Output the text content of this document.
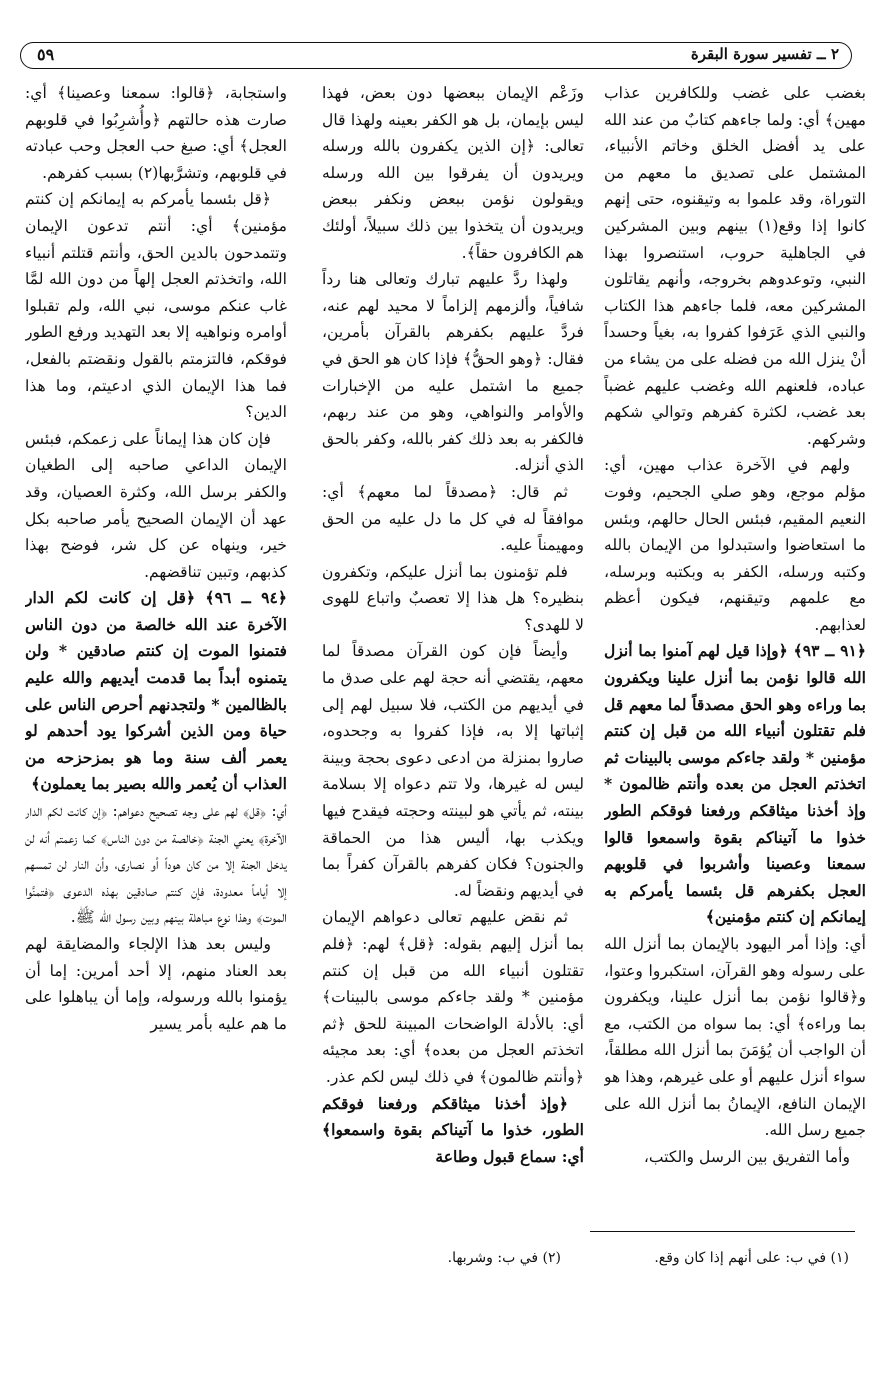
٢ ــ تفسير سورة البقرة
٥٩

بغضب على غضب وللكافرين عذاب مهين﴾ أي: ولما جاءهم كتابٌ من عند الله على يد أفضل الخلق وخاتم الأنبياء، المشتمل على تصديق ما معهم من التوراة، وقد علموا به وتيقنوه، حتى إنهم كانوا إذا وقع(١) بينهم وبين المشركين في الجاهلية حروب، استنصروا بهذا النبي، وتوعدوهم بخروجه، وأنهم يقاتلون المشركين معه، فلما جاءهم هذا الكتاب والنبي الذي عَرَفوا كفروا به، بغياً وحسداً أنْ ينزل الله من فضله على من يشاء من عباده، فلعنهم الله وغضب عليهم غضباً بعد غضب، لكثرة كفرهم وتوالي شكهم وشركهم.

ولهم في الآخرة عذاب مهين، أي: مؤلم موجع، وهو صلي الجحيم، وفوت النعيم المقيم، فبئس الحال حالهم، وبئس ما استعاضوا واستبدلوا من الإيمان بالله وكتبه ورسله، الكفر به وبكتبه وبرسله، مع علمهم وتيقنهم، فيكون أعظم لعذابهم.

﴿٩١ ــ ٩٣﴾ ﴿وإذا قيل لهم آمنوا بما أنزل الله قالوا نؤمن بما أنزل علينا ويكفرون بما وراءه وهو الحق مصدقاً لما معهم قل فلم تقتلون أنبياء الله من قبل إن كنتم مؤمنين * ولقد جاءكم موسى بالبينات ثم اتخذتم العجل من بعده وأنتم ظالمون * وإذ أخذنا ميثاقكم ورفعنا فوقكم الطور خذوا ما آتيناكم بقوة واسمعوا قالوا سمعنا وعصينا وأشربوا في قلوبهم العجل بكفرهم قل بئسما يأمركم به إيمانكم إن كنتم مؤمنين﴾

أي: وإذا أمر اليهود بالإيمان بما أنزل الله على رسوله وهو القرآن، استكبروا وعتوا، و﴿قالوا نؤمن بما أنزل علينا، ويكفرون بما وراءه﴾ أي: بما سواه من الكتب، مع أن الواجب أن يُؤمَنَ بما أنزل الله مطلقاً، سواء أنزل عليهم أو على غيرهم، وهذا هو الإيمان النافع، الإيمانُ بما أنزل الله على جميع رسل الله.

وأما التفريق بين الرسل والكتب،

وزَعْم الإيمان ببعضها دون بعض، فهذا ليس بإيمان، بل هو الكفر بعينه ولهذا قال تعالى: ﴿إن الذين يكفرون بالله ورسله ويريدون أن يفرقوا بين الله ورسله ويقولون نؤمن ببعض ونكفر ببعض ويريدون أن يتخذوا بين ذلك سبيلاً، أولئك هم الكافرون حقاً﴾.

ولهذا ردَّ عليهم تبارك وتعالى هنا رداً شافياً، وألزمهم إلزاماً لا محيد لهم عنه، فردَّ عليهم بكفرهم بالقرآن بأمرين، فقال: ﴿وهو الحقُّ﴾ فإذا كان هو الحق في جميع ما اشتمل عليه من الإخبارات والأوامر والنواهي، وهو من عند ربهم، فالكفر به بعد ذلك كفر بالله، وكفر بالحق الذي أنزله.

ثم قال: ﴿مصدقاً لما معهم﴾ أي: موافقاً له في كل ما دل عليه من الحق ومهيمناً عليه.

فلم تؤمنون بما أنزل عليكم، وتكفرون بنظيره؟ هل هذا إلا تعصبٌ واتباع للهوى لا للهدى؟

وأيضاً فإن كون القرآن مصدقاً لما معهم، يقتضي أنه حجة لهم على صدق ما في أيديهم من الكتب، فلا سبيل لهم إلى إثباتها إلا به، فإذا كفروا به وجحدوه، صاروا بمنزلة من ادعى دعوى بحجة وبينة ليس له غيرها، ولا تتم دعواه إلا بسلامة بينته، ثم يأتي هو لبينته وحجته فيقدح فيها ويكذب بها، أليس هذا من الحماقة والجنون؟ فكان كفرهم بالقرآن كفراً بما في أيديهم ونقضاً له.

ثم نقض عليهم تعالى دعواهم الإيمان بما أنزل إليهم بقوله: ﴿قل﴾ لهم: ﴿فلم تقتلون أنبياء الله من قبل إن كنتم مؤمنين * ولقد جاءكم موسى بالبينات﴾ أي: بالأدلة الواضحات المبينة للحق ﴿ثم اتخذتم العجل من بعده﴾ أي: بعد مجيئه ﴿وأنتم ظالمون﴾ في ذلك ليس لكم عذر.

﴿وإذ أخذنا ميثاقكم ورفعنا فوقكم الطور، خذوا ما آتيناكم بقوة واسمعوا﴾ أي: سماع قبول وطاعة

واستجابة، ﴿قالوا: سمعنا وعصينا﴾ أي: صارت هذه حالتهم ﴿وأُشرِبُوا في قلوبهم العجل﴾ أي: صبغ حب العجل وحب عبادته في قلوبهم، وتشرَّبها(٢) بسبب كفرهم.

﴿قل بئسما يأمركم به إيمانكم إن كنتم مؤمنين﴾ أي: أنتم تدعون الإيمان وتتمدحون بالدين الحق، وأنتم قتلتم أنبياء الله، واتخذتم العجل إلهاً من دون الله لمَّا غاب عنكم موسى، نبي الله، ولم تقبلوا أوامره ونواهيه إلا بعد التهديد ورفع الطور فوقكم، فالتزمتم بالقول ونقضتم بالفعل، فما هذا الإيمان الذي ادعيتم، وما هذا الدين؟

فإن كان هذا إيماناً على زعمكم، فبئس الإيمان الداعي صاحبه إلى الطغيان والكفر برسل الله، وكثرة العصيان، وقد عهد أن الإيمان الصحيح يأمر صاحبه بكل خير، وينهاه عن كل شر، فوضح بهذا كذبهم، وتبين تناقضهم.

﴿٩٤ ــ ٩٦﴾ ﴿قل إن كانت لكم الدار الآخرة عند الله خالصة من دون الناس فتمنوا الموت إن كنتم صادقين * ولن يتمنوه أبداً بما قدمت أيديهم والله عليم بالظالمين * ولتجدنهم أحرص الناس على حياة ومن الذين أشركوا يود أحدهم لو يعمر ألف سنة وما هو بمزحزحه من العذاب أن يُعمر والله بصير بما يعملون﴾

أي: ﴿قل﴾ لهم على وجه تصحيح دعواهم: ﴿إن كانت لكم الدار الآخرة﴾ يعني الجنة ﴿خالصة من دون الناس﴾ كما زعمتم أنه لن يدخل الجنة إلا من كان هوداً أو نصارى، وأن النار لن تمسهم إلا أياماً معدودة، فإن كنتم صادقين بهذه الدعوى ﴿فتمنَّوا الموت﴾ وهذا نوع مباهلة بينهم وبين رسول الله ﷺ.

وليس بعد هذا الإلجاء والمضايقة لهم بعد العناد منهم، إلا أحد أمرين: إما أن يؤمنوا بالله ورسوله، وإما أن يباهلوا على ما هم عليه بأمر يسير

(١) في ب: على أنهم إذا كان وقع.
(٢) في ب: وشربها.
